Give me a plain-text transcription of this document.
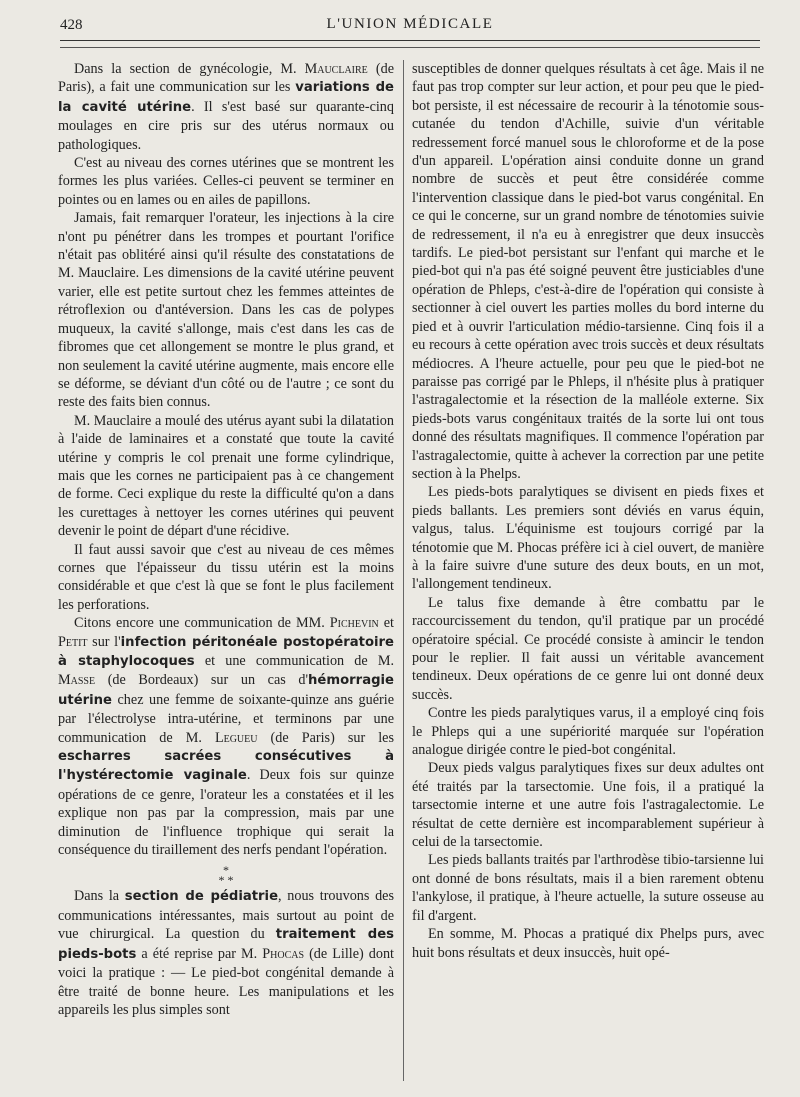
428	L'UNION MÉDICALE

Dans la section de gynécologie, M. Mauclaire (de Paris), a fait une communication sur les variations de la cavité utérine. Il s'est basé sur quarante-cinq moulages en cire pris sur des utérus normaux ou pathologiques.

C'est au niveau des cornes utérines que se montrent les formes les plus variées. Celles-ci peuvent se terminer en pointes ou en lames ou en ailes de papillons.

Jamais, fait remarquer l'orateur, les injections à la cire n'ont pu pénétrer dans les trompes et pourtant l'orifice n'était pas oblitéré ainsi qu'il résulte des constatations de M. Mauclaire. Les dimensions de la cavité utérine peuvent varier, elle est petite surtout chez les femmes atteintes de rétroflexion ou d'antéversion. Dans les cas de polypes muqueux, la cavité s'allonge, mais c'est dans les cas de fibromes que cet allongement se montre le plus grand, et non seulement la cavité utérine augmente, mais encore elle se déforme, se déviant d'un côté ou de l'autre ; ce sont du reste des faits bien connus.

M. Mauclaire a moulé des utérus ayant subi la dilatation à l'aide de laminaires et a constaté que toute la cavité utérine y compris le col prenait une forme cylindrique, mais que les cornes ne participaient pas à ce changement de forme. Ceci explique du reste la difficulté qu'on a dans les curettages à nettoyer les cornes utérines qui peuvent devenir le point de départ d'une récidive.

Il faut aussi savoir que c'est au niveau de ces mêmes cornes que l'épaisseur du tissu utérin est la moins considérable et que c'est là que se font le plus facilement les perforations.

Citons encore une communication de MM. Pichevin et Petit sur l'infection péritonéale postopératoire à staphylocoques et une communication de M. Masse (de Bordeaux) sur un cas d'hémorragie utérine chez une femme de soixante-quinze ans guérie par l'électrolyse intra-utérine, et terminons par une communication de M. Leguеu (de Paris) sur les escharres sacrées consécutives à l'hystérectomie vaginale. Deux fois sur quinze opérations de ce genre, l'orateur les a constatées et il les explique non pas par la compression, mais par une diminution de l'influence trophique qui serait la conséquence du tiraillement des nerfs pendant l'opération.

*
* *

Dans la section de pédiatrie, nous trouvons des communications intéressantes, mais surtout au point de vue chirurgical. La question du traitement des pieds-bots a été reprise par M. Phocas (de Lille) dont voici la pratique : — Le pied-bot congénital demande à être traité de bonne heure. Les manipulations et les appareils les plus simples sont

susceptibles de donner quelques résultats à cet âge. Mais il ne faut pas trop compter sur leur action, et pour peu que le pied-bot persiste, il est nécessaire de recourir à la ténotomie sous-cutanée du tendon d'Achille, suivie d'un véritable redressement forcé manuel sous le chloroforme et de la pose d'un appareil. L'opération ainsi conduite donne un grand nombre de succès et peut être considérée comme l'intervention classique dans le pied-bot varus congénital. En ce qui le concerne, sur un grand nombre de ténotomies suivie de redressement, il n'a eu à enregistrer que deux insuccès tardifs. Le pied-bot persistant sur l'enfant qui marche et le pied-bot qui n'a pas été soigné peuvent être justiciables d'une opération de Phleps, c'est-à-dire de l'opération qui consiste à sectionner à ciel ouvert les parties molles du bord interne du pied et à ouvrir l'articulation médio-tarsienne. Cinq fois il a eu recours à cette opération avec trois succès et deux résultats médiocres. A l'heure actuelle, pour peu que le pied-bot ne paraisse pas corrigé par le Phleps, il n'hésite plus à pratiquer l'astragalectomie et la résection de la malléole externe. Six pieds-bots varus congénitaux traités de la sorte lui ont tous donné des résultats magnifiques. Il commence l'opération par l'astragalectomie, quitte à achever la correction par une petite section à la Phelps.

Les pieds-bots paralytiques se divisent en pieds fixes et pieds ballants. Les premiers sont déviés en varus équin, valgus, talus. L'équinisme est toujours corrigé par la ténotomie que M. Phocas préfère ici à ciel ouvert, de manière à la faire suivre d'une suture des deux bouts, en un mot, l'allongement tendineux.

Le talus fixe demande à être combattu par le raccourcissement du tendon, qu'il pratique par un procédé opératoire spécial. Ce procédé consiste à amincir le tendon pour le replier. Il fait aussi un véritable avancement tendineux. Deux opérations de ce genre lui ont donné deux succès.

Contre les pieds paralytiques varus, il a employé cinq fois le Phleps qui a une supériorité marquée sur l'opération analogue dirigée contre le pied-bot congénital.

Deux pieds valgus paralytiques fixes sur deux adultes ont été traités par la tarsectomie. Une fois, il a pratiqué la tarsectomie interne et une autre fois l'astragalectomie. Le résultat de cette dernière est incomparablement supérieur à celui de la tarsectomie.

Les pieds ballants traités par l'arthrodèse tibio-tarsienne lui ont donné de bons résultats, mais il a bien rarement obtenu l'ankylose, il pratique, à l'heure actuelle, la suture osseuse au fil d'argent.

En somme, M. Phocas a pratiqué dix Phelps purs, avec huit bons résultats et deux insuccès, huit opé-
